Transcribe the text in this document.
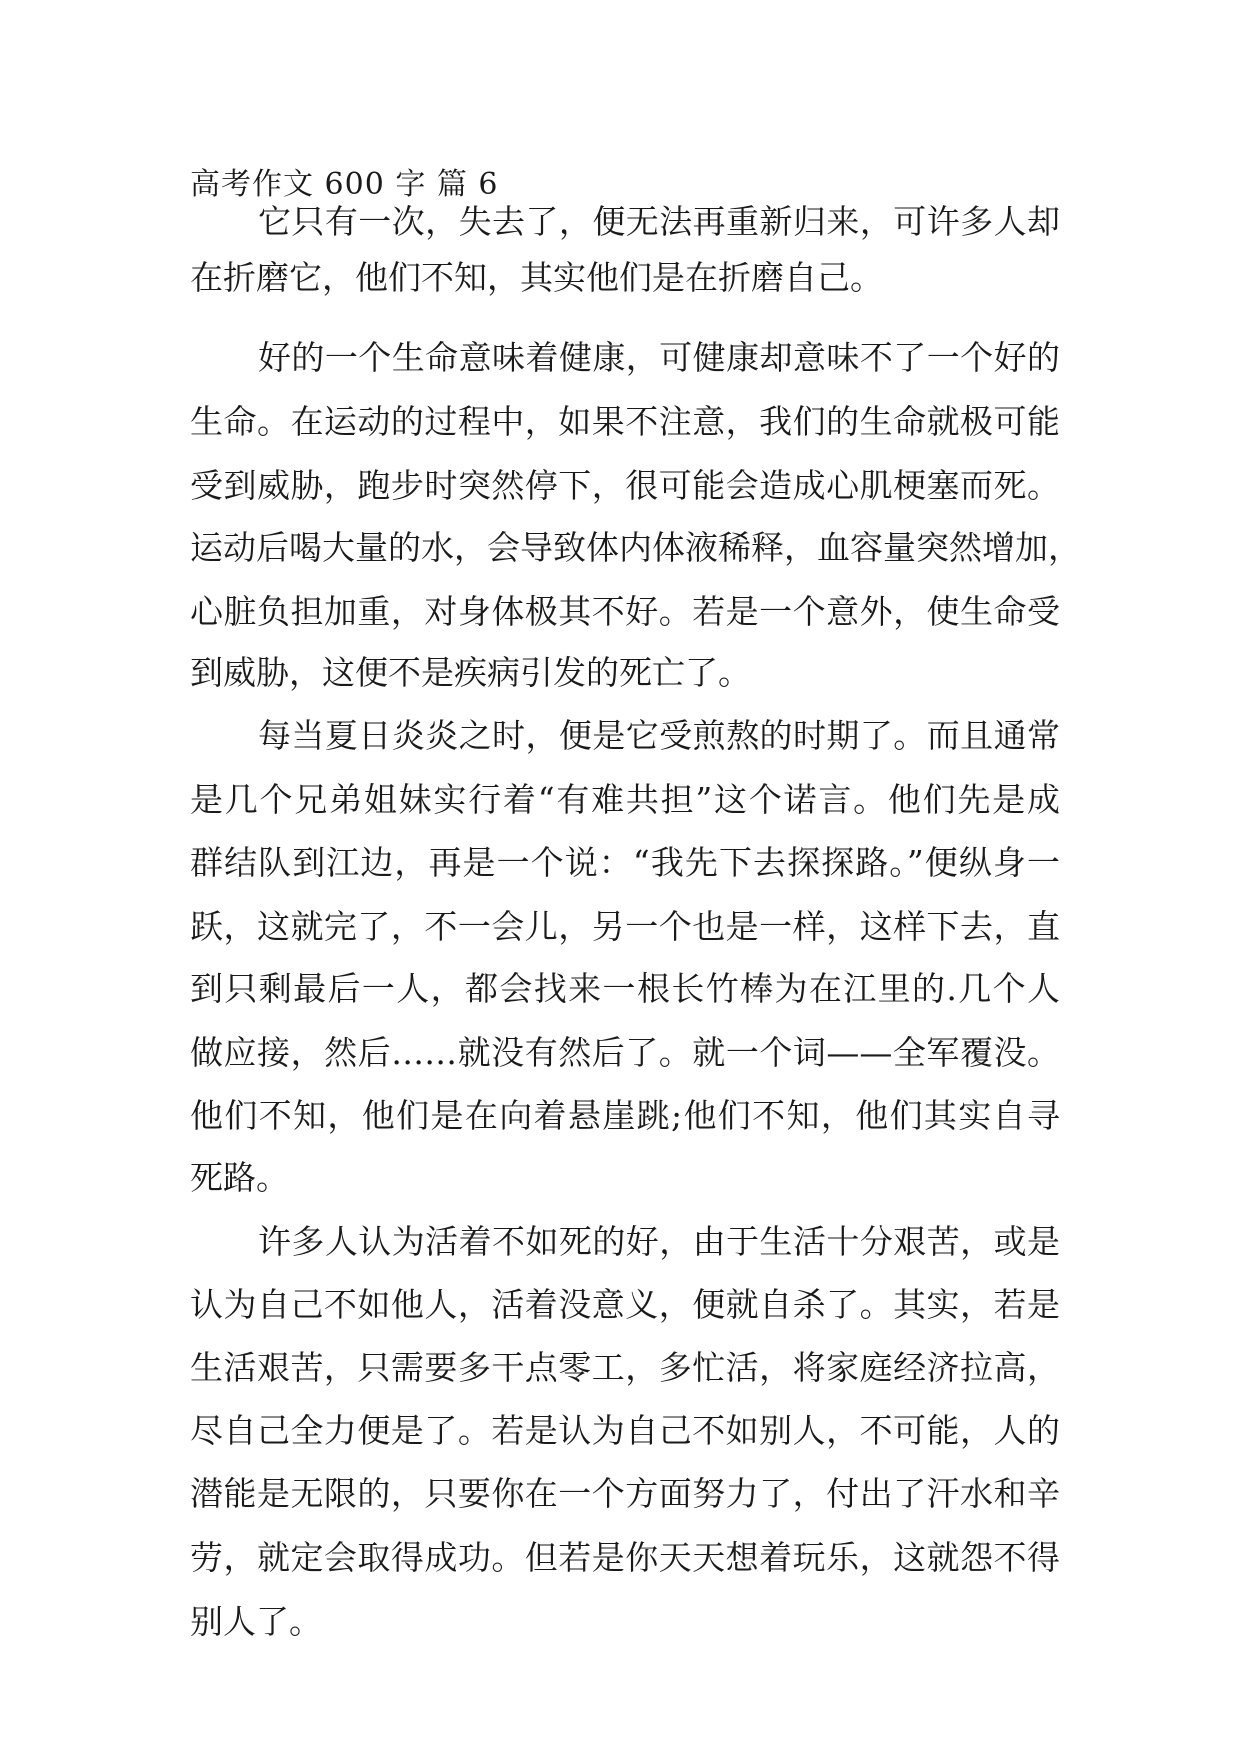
高考作文 600 字 篇 6
它只有一次，失去了，便无法再重新归来，可许多人却
在折磨它，他们不知，其实他们是在折磨自己。
好的一个生命意味着健康，可健康却意味不了一个好的
生命。在运动的过程中，如果不注意，我们的生命就极可能
受到威胁，跑步时突然停下，很可能会造成心肌梗塞而死。
运动后喝大量的水，会导致体内体液稀释，血容量突然增加，
心脏负担加重，对身体极其不好。若是一个意外，使生命受
到威胁，这便不是疾病引发的死亡了。
每当夏日炎炎之时，便是它受煎熬的时期了。而且通常
是几个兄弟姐妹实行着“有难共担”这个诺言。他们先是成
群结队到江边，再是一个说：“我先下去探探路。”便纵身一
跃，这就完了，不一会儿，另一个也是一样，这样下去，直
到只剩最后一人，都会找来一根长竹棒为在江里的.几个人
做应接，然后……就没有然后了。就一个词——全军覆没。
他们不知，他们是在向着悬崖跳;他们不知，他们其实自寻
死路。
许多人认为活着不如死的好，由于生活十分艰苦，或是
认为自己不如他人，活着没意义，便就自杀了。其实，若是
生活艰苦，只需要多干点零工，多忙活，将家庭经济拉高，
尽自己全力便是了。若是认为自己不如别人，不可能，人的
潜能是无限的，只要你在一个方面努力了，付出了汗水和辛
劳，就定会取得成功。但若是你天天想着玩乐，这就怨不得
别人了。
